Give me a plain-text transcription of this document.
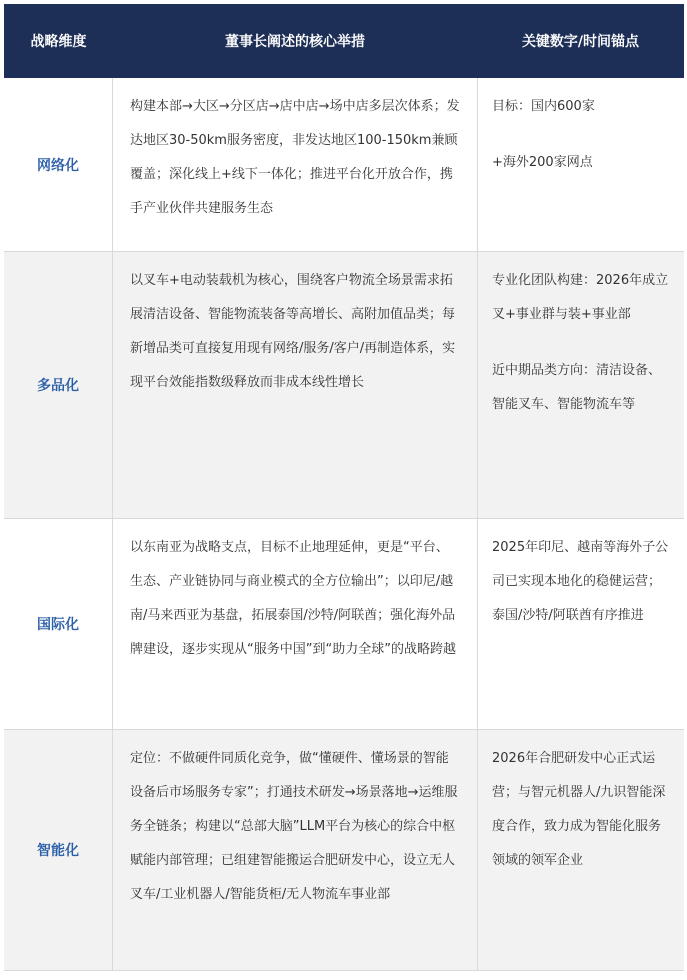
战略维度	董事长阐述的核心举措	关键数字/时间锚点
网络化
构建本部→大区→分区店→店中店→场中店多层次体系；发达地区30-50km服务密度，非发达地区100-150km兼顾覆盖；深化线上+线下一体化；推进平台化开放合作，携手产业伙伴共建服务生态
目标：国内600家
+海外200家网点
多品化
以叉车+电动装载机为核心，围绕客户物流全场景需求拓展清洁设备、智能物流装备等高增长、高附加值品类；每新增品类可直接复用现有网络/服务/客户/再制造体系，实现平台效能指数级释放而非成本线性增长
专业化团队构建：2026年成立叉+事业群与装+事业部
近中期品类方向：清洁设备、智能叉车、智能物流车等
国际化
以东南亚为战略支点，目标不止地理延伸，更是“平台、生态、产业链协同与商业模式的全方位输出”；以印尼/越南/马来西亚为基盘，拓展泰国/沙特/阿联酋；强化海外品牌建设，逐步实现从“服务中国”到“助力全球”的战略跨越
2025年印尼、越南等海外子公司已实现本地化的稳健运营；泰国/沙特/阿联酋有序推进
智能化
定位：不做硬件同质化竞争，做“懂硬件、懂场景的智能设备后市场服务专家”；打通技术研发→场景落地→运维服务全链条；构建以“总部大脑”LLM平台为核心的综合中枢赋能内部管理；已组建智能搬运合肥研发中心，设立无人叉车/工业机器人/智能货柜/无人物流车事业部
2026年合肥研发中心正式运营；与智元机器人/九识智能深度合作，致力成为智能化服务领域的领军企业
